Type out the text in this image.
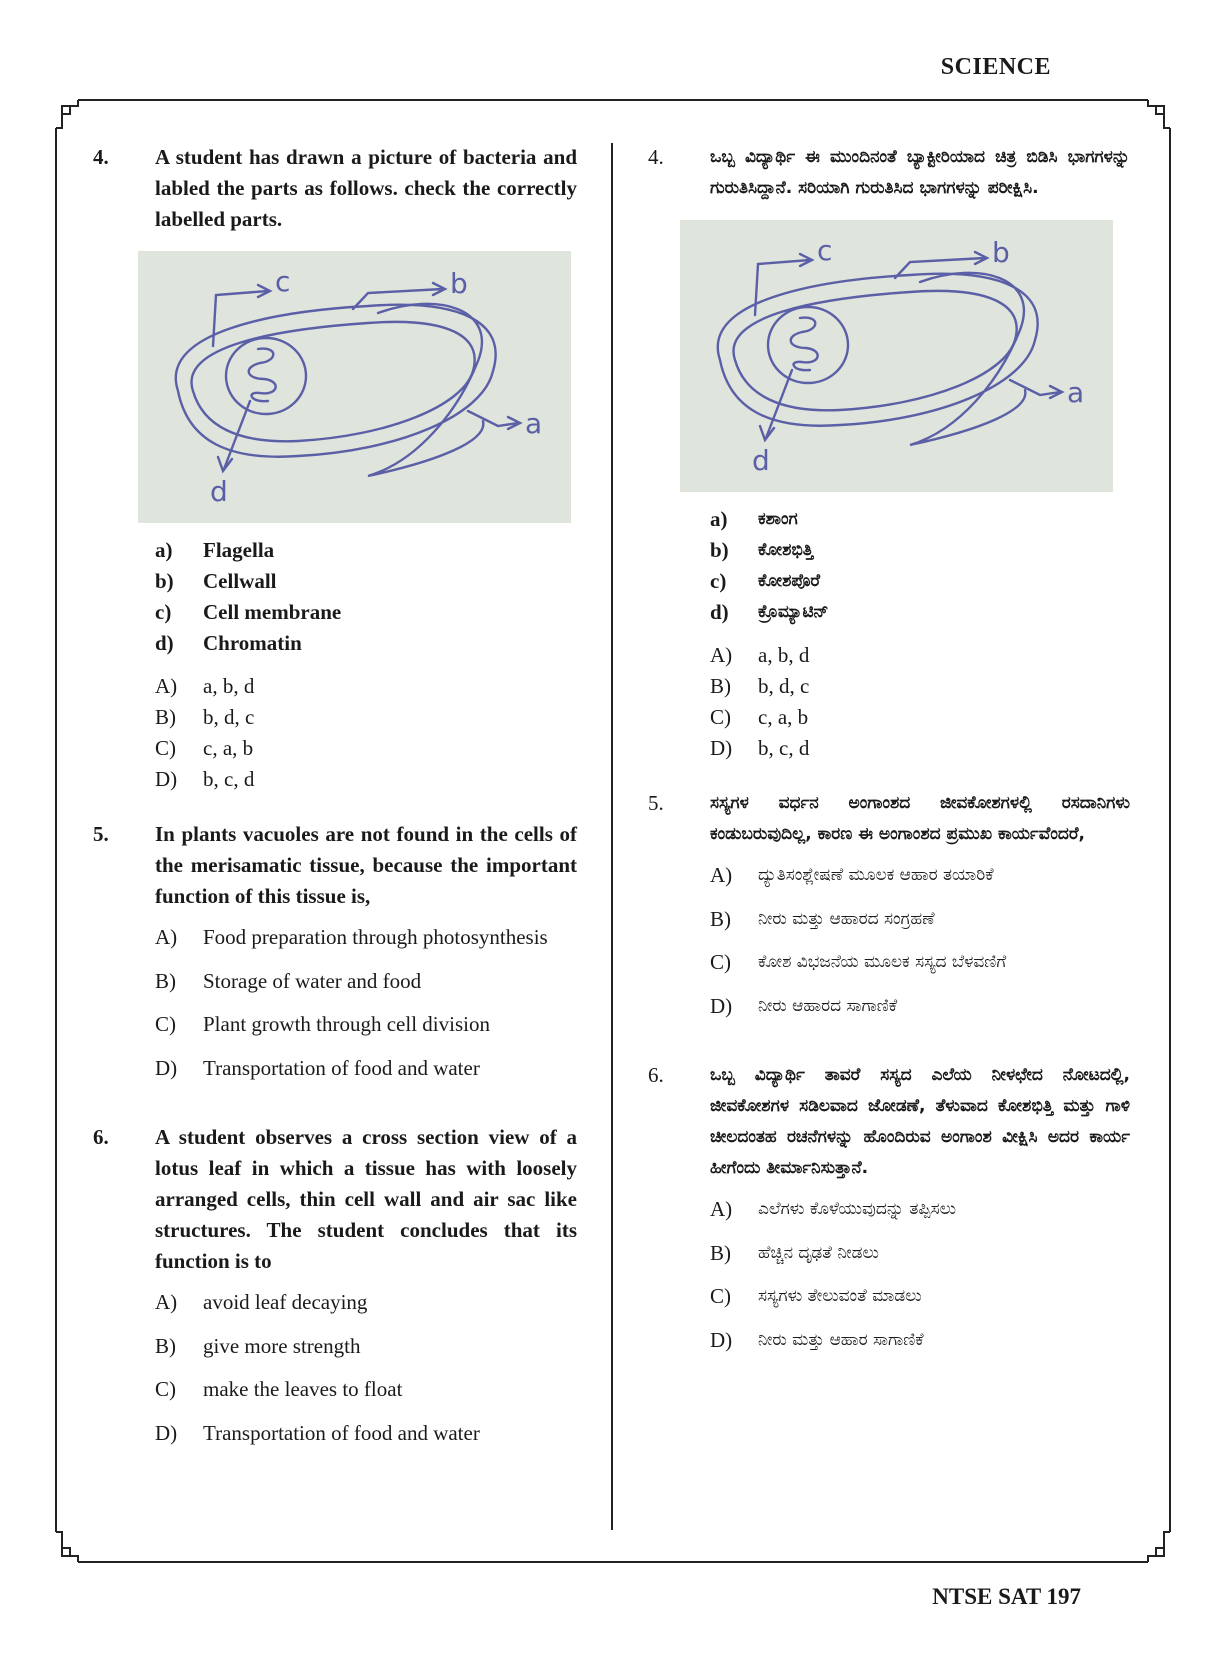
SCIENCE
NTSE SAT 197
4. A student has drawn a picture of bacteria and labled the parts as follows. check the correctly labelled parts.
c	b
a
d
a)	Flagella
b)	Cellwall
c)	Cell membrane
d)	Chromatin
A)	a, b, d
B)	b, d, c
C)	c, a, b
D)	b, c, d
5. In plants vacuoles are not found in the cells of the merisamatic tissue, because the important function of this tissue is,
A)	Food preparation through photosynthesis
B)	Storage of water and food
C)	Plant growth through cell division
D)	Transportation of food and water
6. A student observes a cross section view of a lotus leaf in which a tissue has with loosely arranged cells, thin cell wall and air sac like structures. The student concludes that its function is to
A)	avoid leaf decaying
B)	give more strength
C)	make the leaves to float
D)	Transportation of food and water
4.	ಒಬ್ಬ ವಿದ್ಯಾರ್ಥಿ ಈ ಮುಂದಿನಂತೆ ಬ್ಯಾಕ್ಟೀರಿಯಾದ ಚಿತ್ರ ಬಿಡಿಸಿ ಭಾಗಗಳನ್ನು ಗುರುತಿಸಿದ್ದಾನೆ. ಸರಿಯಾಗಿ ಗುರುತಿಸಿದ ಭಾಗಗಳನ್ನು ಪರೀಕ್ಷಿಸಿ.
c	b
a
d
a)	ಕಶಾಂಗ
b)	ಕೋಶಭಿತ್ತಿ
c)	ಕೋಶಪೊರೆ
d)	ಕ್ರೊಮ್ಯಾಟಿನ್
A)	a, b, d
B)	b, d, c
C)	c, a, b
D)	b, c, d
5.	ಸಸ್ಯಗಳ ವರ್ಧನ ಅಂಗಾಂಶದ ಜೀವಕೋಶಗಳಲ್ಲಿ ರಸದಾನಿಗಳು ಕಂಡುಬರುವುದಿಲ್ಲ, ಕಾರಣ ಈ ಅಂಗಾಂಶದ ಪ್ರಮುಖ ಕಾರ್ಯವೆಂದರೆ,
A)	ದ್ಯುತಿಸಂಶ್ಲೇಷಣೆ ಮೂಲಕ ಆಹಾರ ತಯಾರಿಕೆ
B)	ನೀರು ಮತ್ತು ಆಹಾರದ ಸಂಗ್ರಹಣೆ
C)	ಕೋಶ ವಿಭಜನೆಯ ಮೂಲಕ ಸಸ್ಯದ ಬೆಳವಣಿಗೆ
D)	ನೀರು ಆಹಾರದ ಸಾಗಾಣಿಕೆ
6.	ಒಬ್ಬ ವಿದ್ಯಾರ್ಥಿ ತಾವರೆ ಸಸ್ಯದ ಎಲೆಯ ನೀಳಛೇದ ನೋಟದಲ್ಲಿ, ಜೀವಕೋಶಗಳ ಸಡಿಲವಾದ ಜೋಡಣೆ, ತೆಳುವಾದ ಕೋಶಭಿತ್ತಿ ಮತ್ತು ಗಾಳಿ ಚೀಲದಂತಹ ರಚನೆಗಳನ್ನು ಹೊಂದಿರುವ ಅಂಗಾಂಶ ವೀಕ್ಷಿಸಿ ಅದರ ಕಾರ್ಯ ಹೀಗೆಂದು ತೀರ್ಮಾನಿಸುತ್ತಾನೆ.
A)	ಎಲೆಗಳು ಕೊಳೆಯುವುದನ್ನು ತಪ್ಪಿಸಲು
B)	ಹೆಚ್ಚಿನ ದೃಢತೆ ನೀಡಲು
C)	ಸಸ್ಯಗಳು ತೇಲುವಂತೆ ಮಾಡಲು
D)	ನೀರು ಮತ್ತು ಆಹಾರ ಸಾಗಾಣಿಕೆ
